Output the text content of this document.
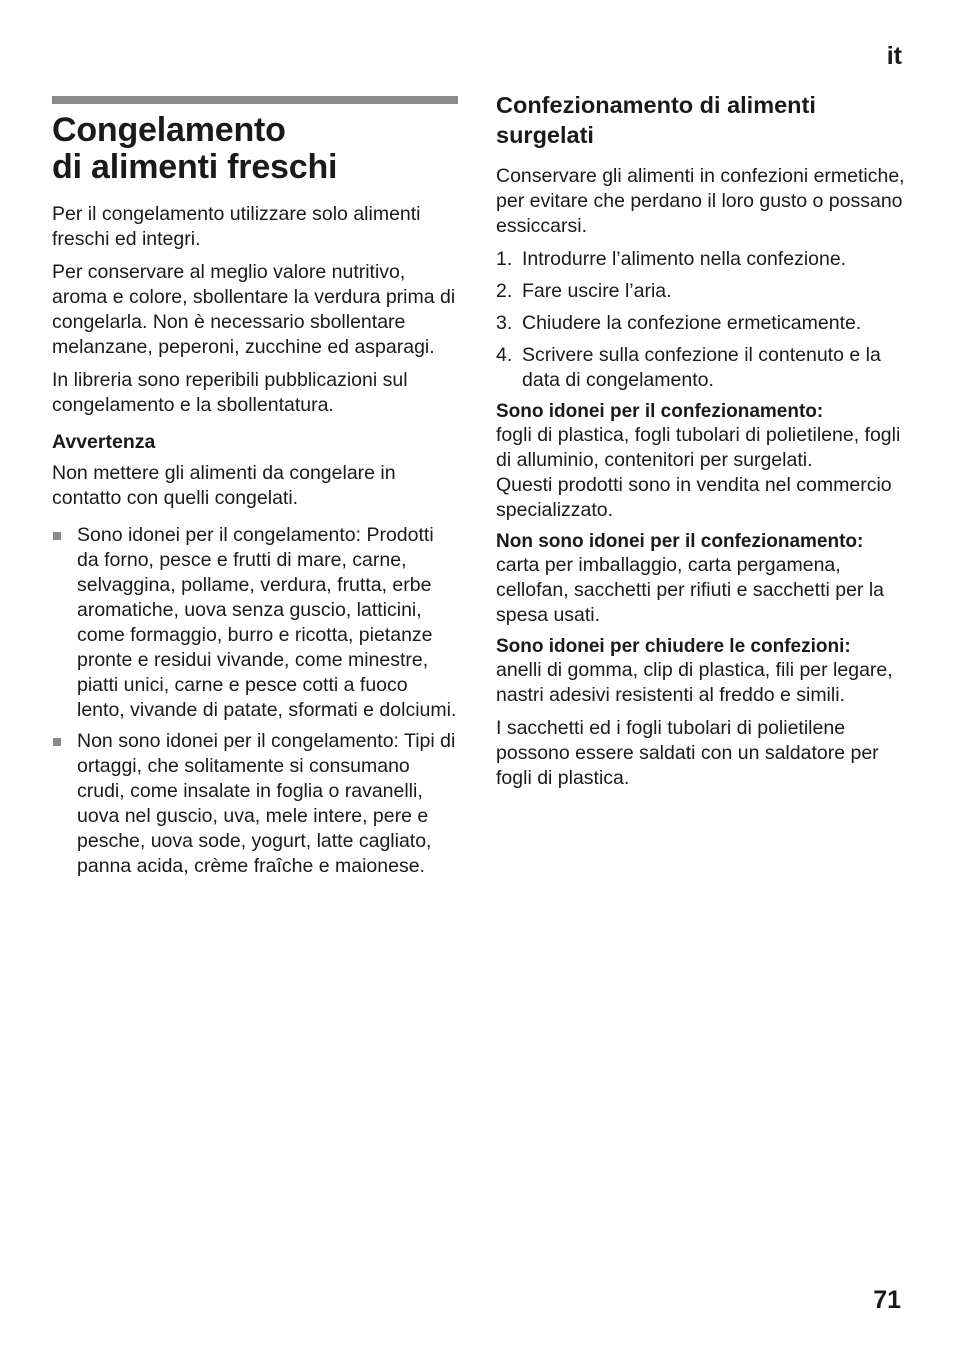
it
Congelamento
di alimenti freschi

Per il congelamento utilizzare solo alimenti freschi ed integri.

Per conservare al meglio valore nutritivo, aroma e colore, sbollentare la verdura prima di congelarla. Non è necessario sbollentare melanzane, peperoni, zucchine ed asparagi.

In libreria sono reperibili pubblicazioni sul congelamento e la sbollentatura.

Avvertenza

Non mettere gli alimenti da congelare in contatto con quelli congelati.

Sono idonei per il congelamento: Prodotti da forno, pesce e frutti di mare, carne, selvaggina, pollame, verdura, frutta, erbe aromatiche, uova senza guscio, latticini, come formaggio, burro e ricotta, pietanze pronte e residui vivande, come minestre, piatti unici, carne e pesce cotti a fuoco lento, vivande di patate, sformati e dolciumi.
Non sono idonei per il congelamento: Tipi di ortaggi, che solitamente si consumano crudi, come insalate in foglia o ravanelli, uova nel guscio, uva, mele intere, pere e pesche, uova sode, yogurt, latte cagliato, panna acida, crème fraîche e maionese.
Confezionamento di alimenti surgelati

Conservare gli alimenti in confezioni ermetiche, per evitare che perdano il loro gusto o possano essiccarsi.

1. Introdurre l’alimento nella confezione.
2. Fare uscire l’aria.
3. Chiudere la confezione ermeticamente.
4. Scrivere sulla confezione il contenuto e la data di congelamento.
Sono idonei per il confezionamento:

fogli di plastica, fogli tubolari di polietilene, fogli di alluminio, contenitori per surgelati.

Questi prodotti sono in vendita nel commercio specializzato.

Non sono idonei per il confezionamento:

carta per imballaggio, carta pergamena, cellofan, sacchetti per rifiuti e sacchetti per la spesa usati.

Sono idonei per chiudere le confezioni:

anelli di gomma, clip di plastica, fili per legare, nastri adesivi resistenti al freddo e simili.

I sacchetti ed i fogli tubolari di polietilene possono essere saldati con un saldatore per fogli di plastica.

71
